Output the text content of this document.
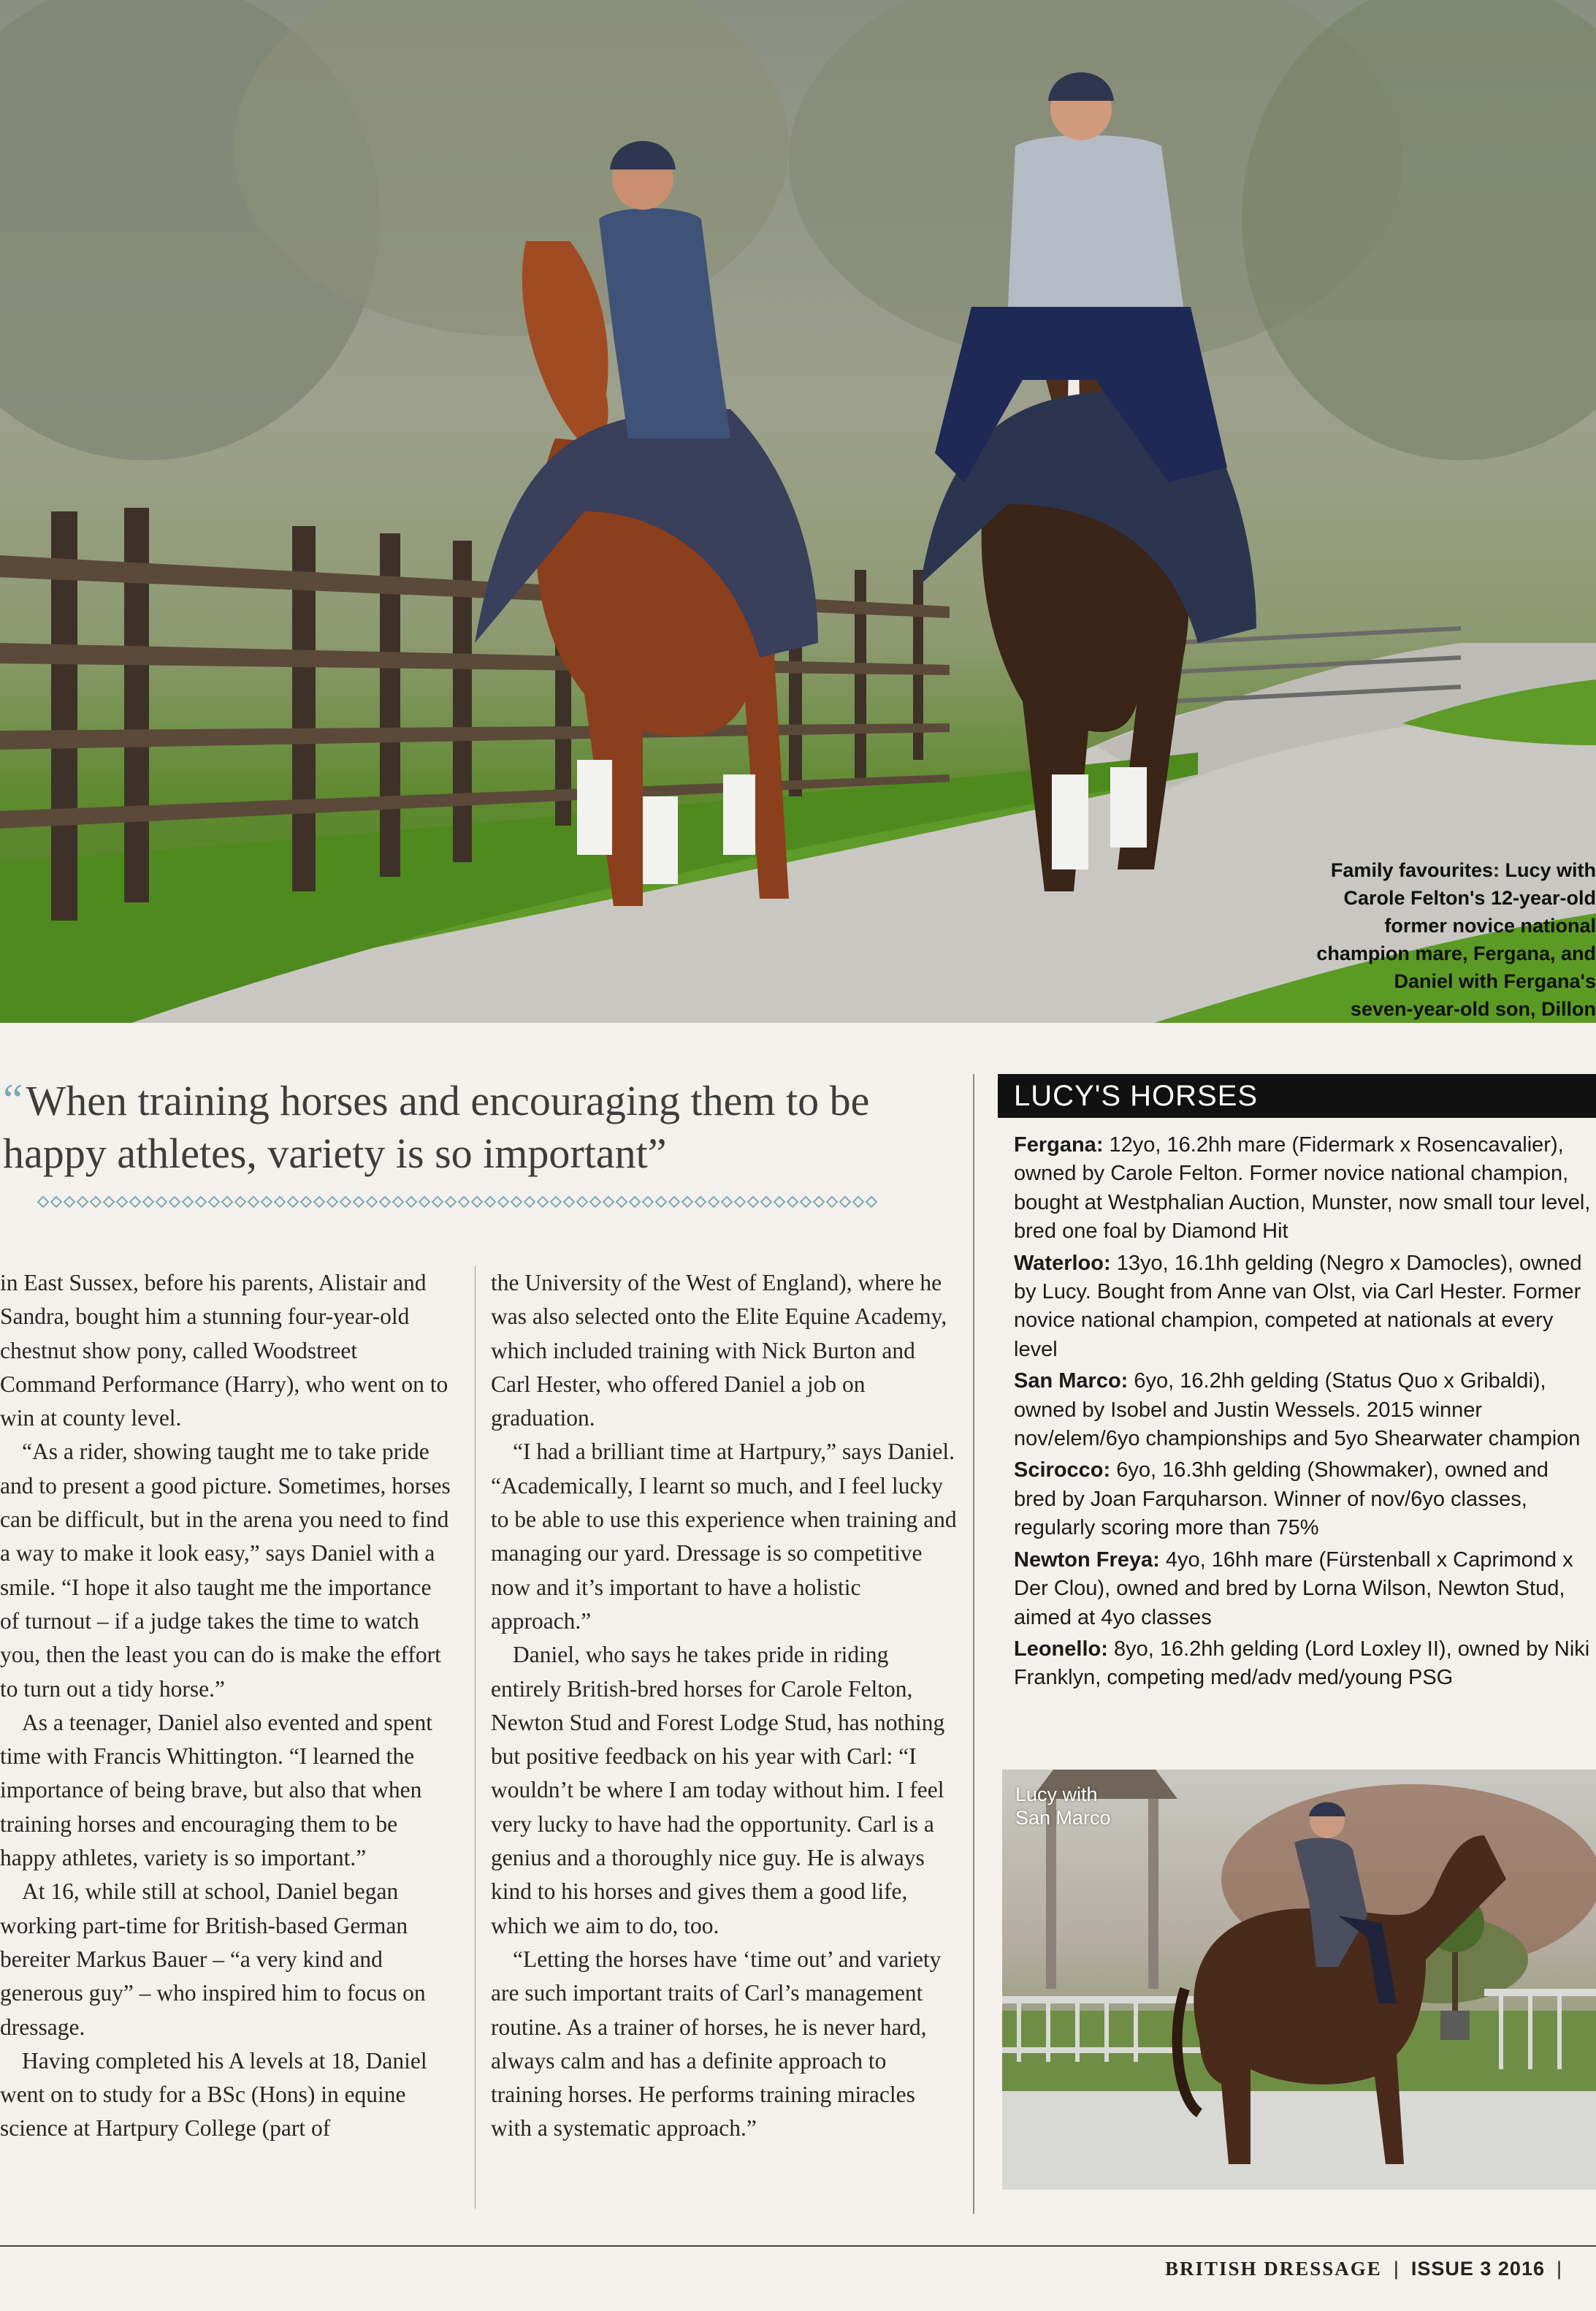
Family favourites: Lucy with
Carole Felton's 12-year-old
former novice national
champion mare, Fergana, and
Daniel with Fergana's
seven-year-old son, Dillon
“When training horses and encouraging them to be happy athletes, variety is so important”

in East Sussex, before his parents, Alistair and Sandra, bought him a stunning four-year-old chestnut show pony, called Woodstreet Command Performance (Harry), who went on to win at county level.

“As a rider, showing taught me to take pride and to present a good picture. Sometimes, horses can be difficult, but in the arena you need to find a way to make it look easy,” says Daniel with a smile. “I hope it also taught me the importance of turnout – if a judge takes the time to watch you, then the least you can do is make the effort to turn out a tidy horse.”

As a teenager, Daniel also evented and spent time with Francis Whittington. “I learned the importance of being brave, but also that when training horses and encouraging them to be happy athletes, variety is so important.”

At 16, while still at school, Daniel began working part-time for British-based German bereiter Markus Bauer – “a very kind and generous guy” – who inspired him to focus on dressage.

Having completed his A levels at 18, Daniel went on to study for a BSc (Hons) in equine science at Hartpury College (part of

the University of the West of England), where he was also selected onto the Elite Equine Academy, which included training with Nick Burton and Carl Hester, who offered Daniel a job on graduation.

“I had a brilliant time at Hartpury,” says Daniel. “Academically, I learnt so much, and I feel lucky to be able to use this experience when training and managing our yard. Dressage is so competitive now and it’s important to have a holistic approach.”

Daniel, who says he takes pride in riding entirely British-bred horses for Carole Felton, Newton Stud and Forest Lodge Stud, has nothing but positive feedback on his year with Carl: “I wouldn’t be where I am today without him. I feel very lucky to have had the opportunity. Carl is a genius and a thoroughly nice guy. He is always kind to his horses and gives them a good life, which we aim to do, too.

“Letting the horses have ‘time out’ and variety are such important traits of Carl’s management routine. As a trainer of horses, he is never hard, always calm and has a definite approach to training horses. He performs training miracles with a systematic approach.”

LUCY'S HORSES
Fergana: 12yo, 16.2hh mare (Fidermark x Rosencavalier), owned by Carole Felton. Former novice national champion, bought at Westphalian Auction, Munster, now small tour level, bred one foal by Diamond Hit
Waterloo: 13yo, 16.1hh gelding (Negro x Damocles), owned by Lucy. Bought from Anne van Olst, via Carl Hester. Former novice national champion, competed at nationals at every level
San Marco: 6yo, 16.2hh gelding (Status Quo x Gribaldi), owned by Isobel and Justin Wessels. 2015 winner nov/elem/6yo championships and 5yo Shearwater champion
Scirocco: 6yo, 16.3hh gelding (Showmaker), owned and bred by Joan Farquharson. Winner of nov/6yo classes, regularly scoring more than 75%
Newton Freya: 4yo, 16hh mare (Fürstenball x Caprimond x Der Clou), owned and bred by Lorna Wilson, Newton Stud, aimed at 4yo classes
Leonello: 8yo, 16.2hh gelding (Lord Loxley II), owned by Niki Franklyn, competing med/adv med/young PSG
Lucy with
San Marco
BRITISH DRESSAGE | ISSUE 3 2016 |
